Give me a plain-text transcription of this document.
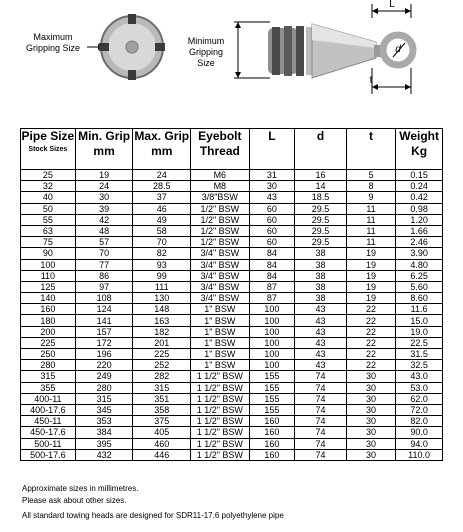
Maximum Gripping Size
Minimum Gripping Size
L
d
t
Pipe Size
Stock Sizes	Min. Grip mm	Max. Grip mm	Eyebolt Thread	L	d	t	Weight Kg
25	19	24	M6	31	16	5	0.15
32	24	28.5	M8	30	14	8	0.24
40	30	37	3/8"BSW	43	18.5	9	0.42
50	39	46	1/2" BSW	60	29.5	11	0.98
55	42	49	1/2" BSW	60	29.5	11	1.20
63	48	58	1/2" BSW	60	29.5	11	1.66
75	57	70	1/2" BSW	60	29.5	11	2.46
90	70	82	3/4" BSW	84	38	19	3.90
100	77	93	3/4" BSW	84	38	19	4.80
110	86	99	3/4" BSW	84	38	19	6.25
125	97	111	3/4" BSW	87	38	19	5.60
140	108	130	3/4" BSW	87	38	19	8.60
160	124	148	1" BSW	100	43	22	11.6
180	141	163	1" BSW	100	43	22	15.0
200	157	182	1" BSW	100	43	22	19.0
225	172	201	1" BSW	100	43	22	22.5
250	196	225	1" BSW	100	43	22	31.5
280	220	252	1" BSW	100	43	22	32.5
315	249	282	1 1/2" BSW	155	74	30	43.0
355	280	315	1 1/2" BSW	155	74	30	53.0
400-11	315	351	1 1/2" BSW	155	74	30	62.0
400-17.6	345	358	1 1/2" BSW	155	74	30	72.0
450-11	353	375	1 1/2" BSW	160	74	30	82.0
450-17.6	384	405	1 1/2" BSW	160	74	30	90.0
500-11	395	460	1 1/2" BSW	160	74	30	94.0
500-17.6	432	446	1 1/2" BSW	160	74	30	110.0
Approximate sizes in millimetres.
Please ask about other sizes.
All standard towing heads are designed for SDR11-17.6 polyethylene pipe
